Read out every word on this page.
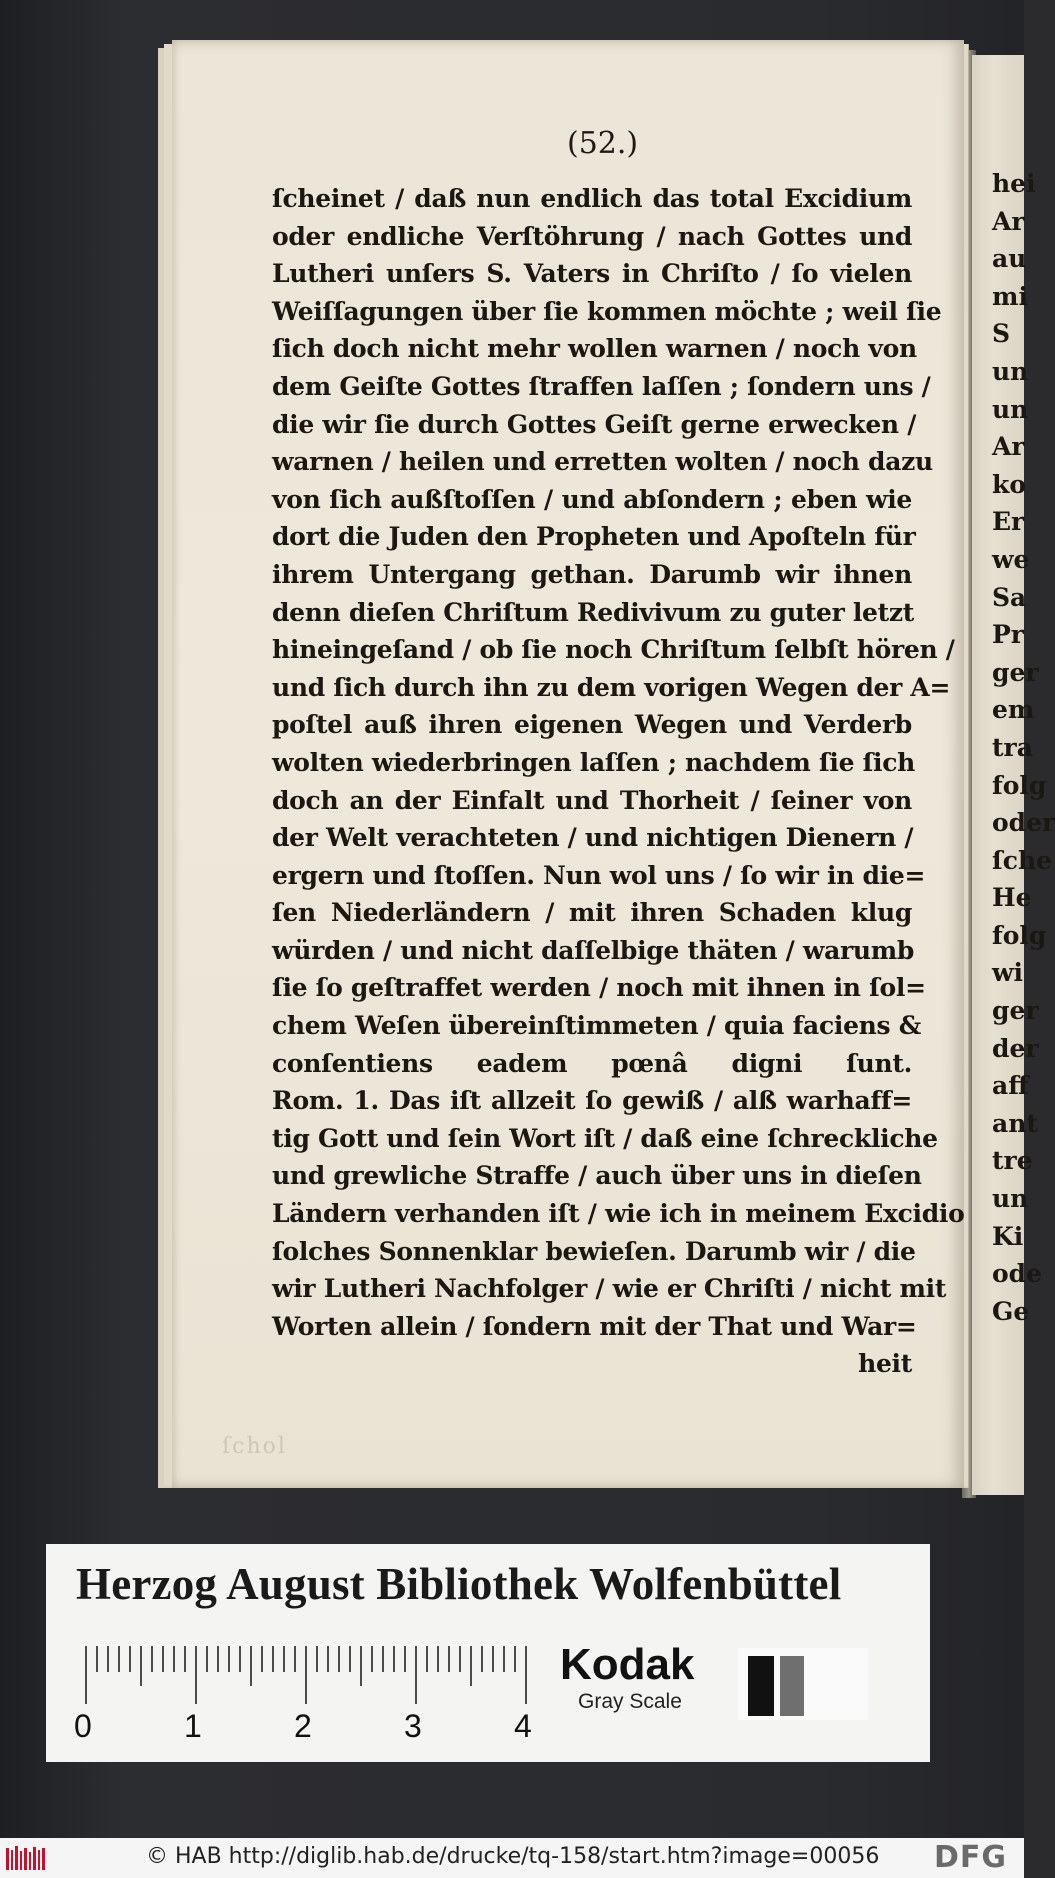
hei
Ar
au
mi
S
un
un
Ar
ko
Er
we
Sa
Pr
ger
em
tra
folg
oder
ſche
He
folg
wi
ger
der
aff
ant
tre
un
Ki
ode
Ge
(52.)
ſcheinet / daß nun endlich das total Excidium
oder endliche Verſtöhrung / nach Gottes und
Lutheri unſers S. Vaters in Chriſto / ſo vielen
Weiſſagungen über ſie kommen möchte ; weil ſie
ſich doch nicht mehr wollen warnen / noch von
dem Geiſte Gottes ſtraffen laſſen ; ſondern uns /
die wir ſie durch Gottes Geiſt gerne erwecken /
warnen / heilen und erretten wolten / noch dazu
von ſich außſtoſſen / und abſondern ; eben wie
dort die Juden den Propheten und Apoſteln für
ihrem Untergang gethan. Darumb wir ihnen
denn dieſen Chriſtum Redivivum zu guter letzt
hineingeſand / ob ſie noch Chriſtum ſelbſt hören /
und ſich durch ihn zu dem vorigen Wegen der A=
poſtel auß ihren eigenen Wegen und Verderb
wolten wiederbringen laſſen ; nachdem ſie ſich
doch an der Einfalt und Thorheit / ſeiner von
der Welt verachteten / und nichtigen Dienern /
ergern und ſtoſſen. Nun wol uns / ſo wir in die=
ſen Niederländern / mit ihren Schaden klug
würden / und nicht daſſelbige thäten / warumb
ſie ſo geſtraffet werden / noch mit ihnen in ſol=
chem Weſen übereinſtimmeten / quia faciens &
conſentiens eadem pœnâ digni ſunt.
Rom. 1. Das iſt allzeit ſo gewiß / alß warhaff=
tig Gott und ſein Wort iſt / daß eine ſchreckliche
und grewliche Straffe / auch über uns in dieſen
Ländern verhanden iſt / wie ich in meinem Excidio
ſolches Sonnenklar bewieſen. Darumb wir / die
wir Lutheri Nachfolger / wie er Chriſti / nicht mit
Worten allein / ſondern mit der That und War=
heit
ſchol
Herzog August Bibliothek Wolfenbüttel
0	1	2	3	4
Kodak
Gray Scale
© HAB http://diglib.hab.de/drucke/tq-158/start.htm?image=00056 DFG
